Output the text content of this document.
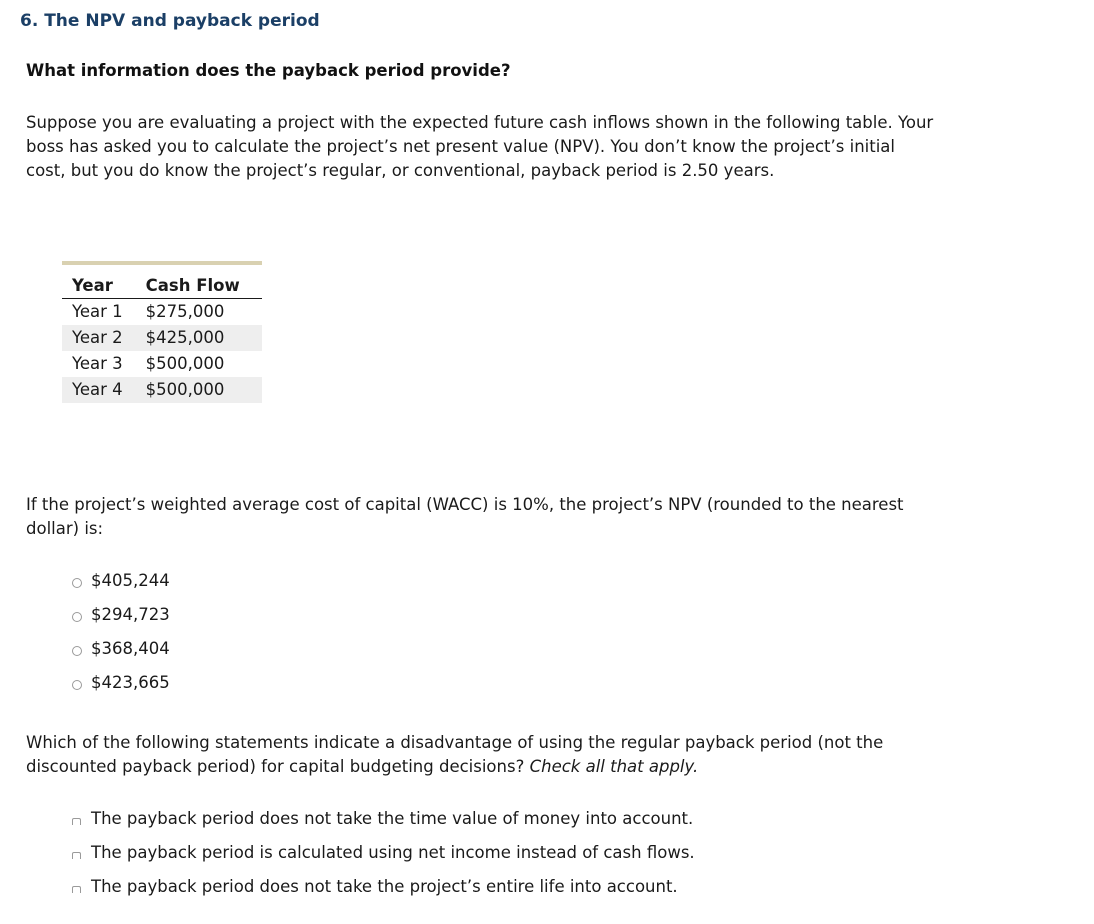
6. The NPV and payback period
What information does the payback period provide?

Suppose you are evaluating a project with the expected future cash inflows shown in the following table. Your boss has asked you to calculate the project’s net present value (NPV). You don’t know the project’s initial cost, but you do know the project’s regular, or conventional, payback period is 2.50 years.

Year	Cash Flow
Year 1	$275,000
Year 2	$425,000
Year 3	$500,000
Year 4	$500,000

If the project’s weighted average cost of capital (WACC) is 10%, the project’s NPV (rounded to the nearest dollar) is:

$405,244
$294,723
$368,404
$423,665

Which of the following statements indicate a disadvantage of using the regular payback period (not the discounted payback period) for capital budgeting decisions? Check all that apply.

The payback period does not take the time value of money into account.
The payback period is calculated using net income instead of cash flows.
The payback period does not take the project’s entire life into account.
